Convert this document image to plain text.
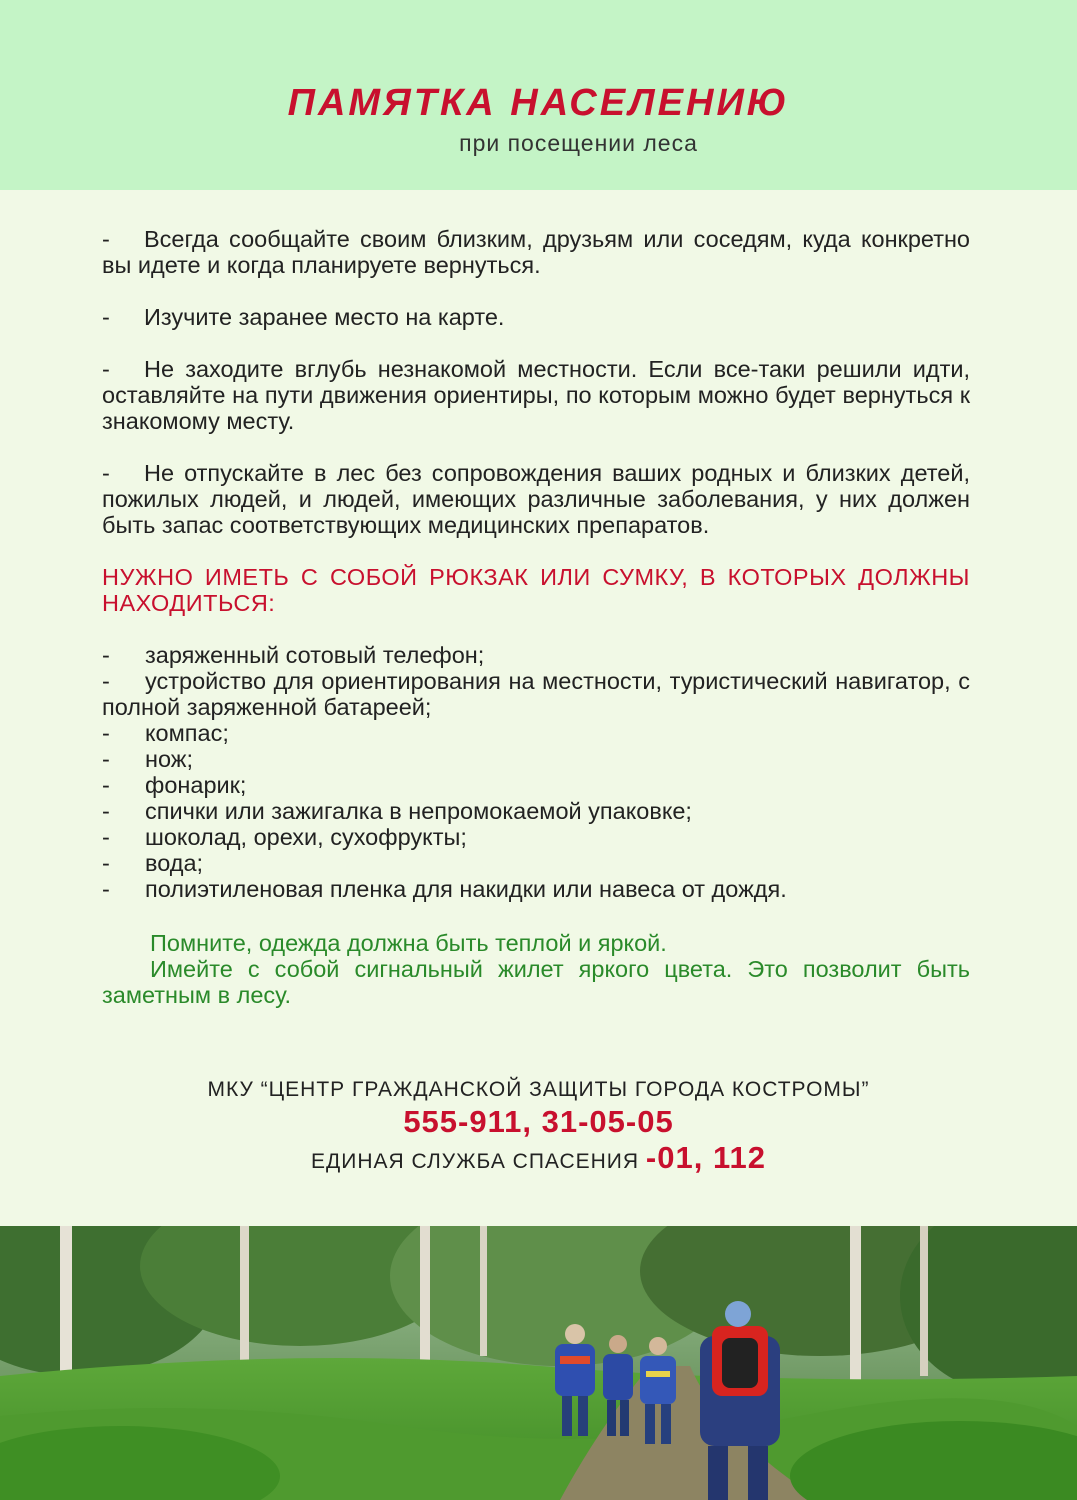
ПАМЯТКА НАСЕЛЕНИЮ
при посещении леса

- Всегда сообщайте своим близким, друзьям или соседям, куда конкретно вы идете и когда планируете вернуться.

- Изучите заранее место на карте.

- Не заходите вглубь незнакомой местности. Если все-таки решили идти, оставляйте на пути движения ориентиры, по которым можно будет вернуться к знакомому месту.

- Не отпускайте в лес без сопровождения ваших родных и близких детей, пожилых людей, и людей, имеющих различные заболевания, у них должен быть запас соответствующих медицинских препаратов.

НУЖНО ИМЕТЬ С СОБОЙ РЮКЗАК ИЛИ СУМКУ, В КОТОРЫХ ДОЛЖНЫ НАХОДИТЬСЯ:

- заряженный сотовый телефон;
- устройство для ориентирования на местности, туристический навигатор, с полной заряженной батареей;
- компас;
- нож;
- фонарик;
- спички или зажигалка в непромокаемой упаковке;
- шоколад, орехи, сухофрукты;
- вода;
- полиэтиленовая пленка для накидки или навеса от дождя.

Помните, одежда должна быть теплой и яркой.

Имейте с собой сигнальный жилет яркого цвета. Это позволит быть заметным в лесу.

МКУ “ЦЕНТР ГРАЖДАНСКОЙ ЗАЩИТЫ ГОРОДА КОСТРОМЫ”
555-911, 31-05-05
ЕДИНАЯ СЛУЖБА СПАСЕНИЯ -01, 112
